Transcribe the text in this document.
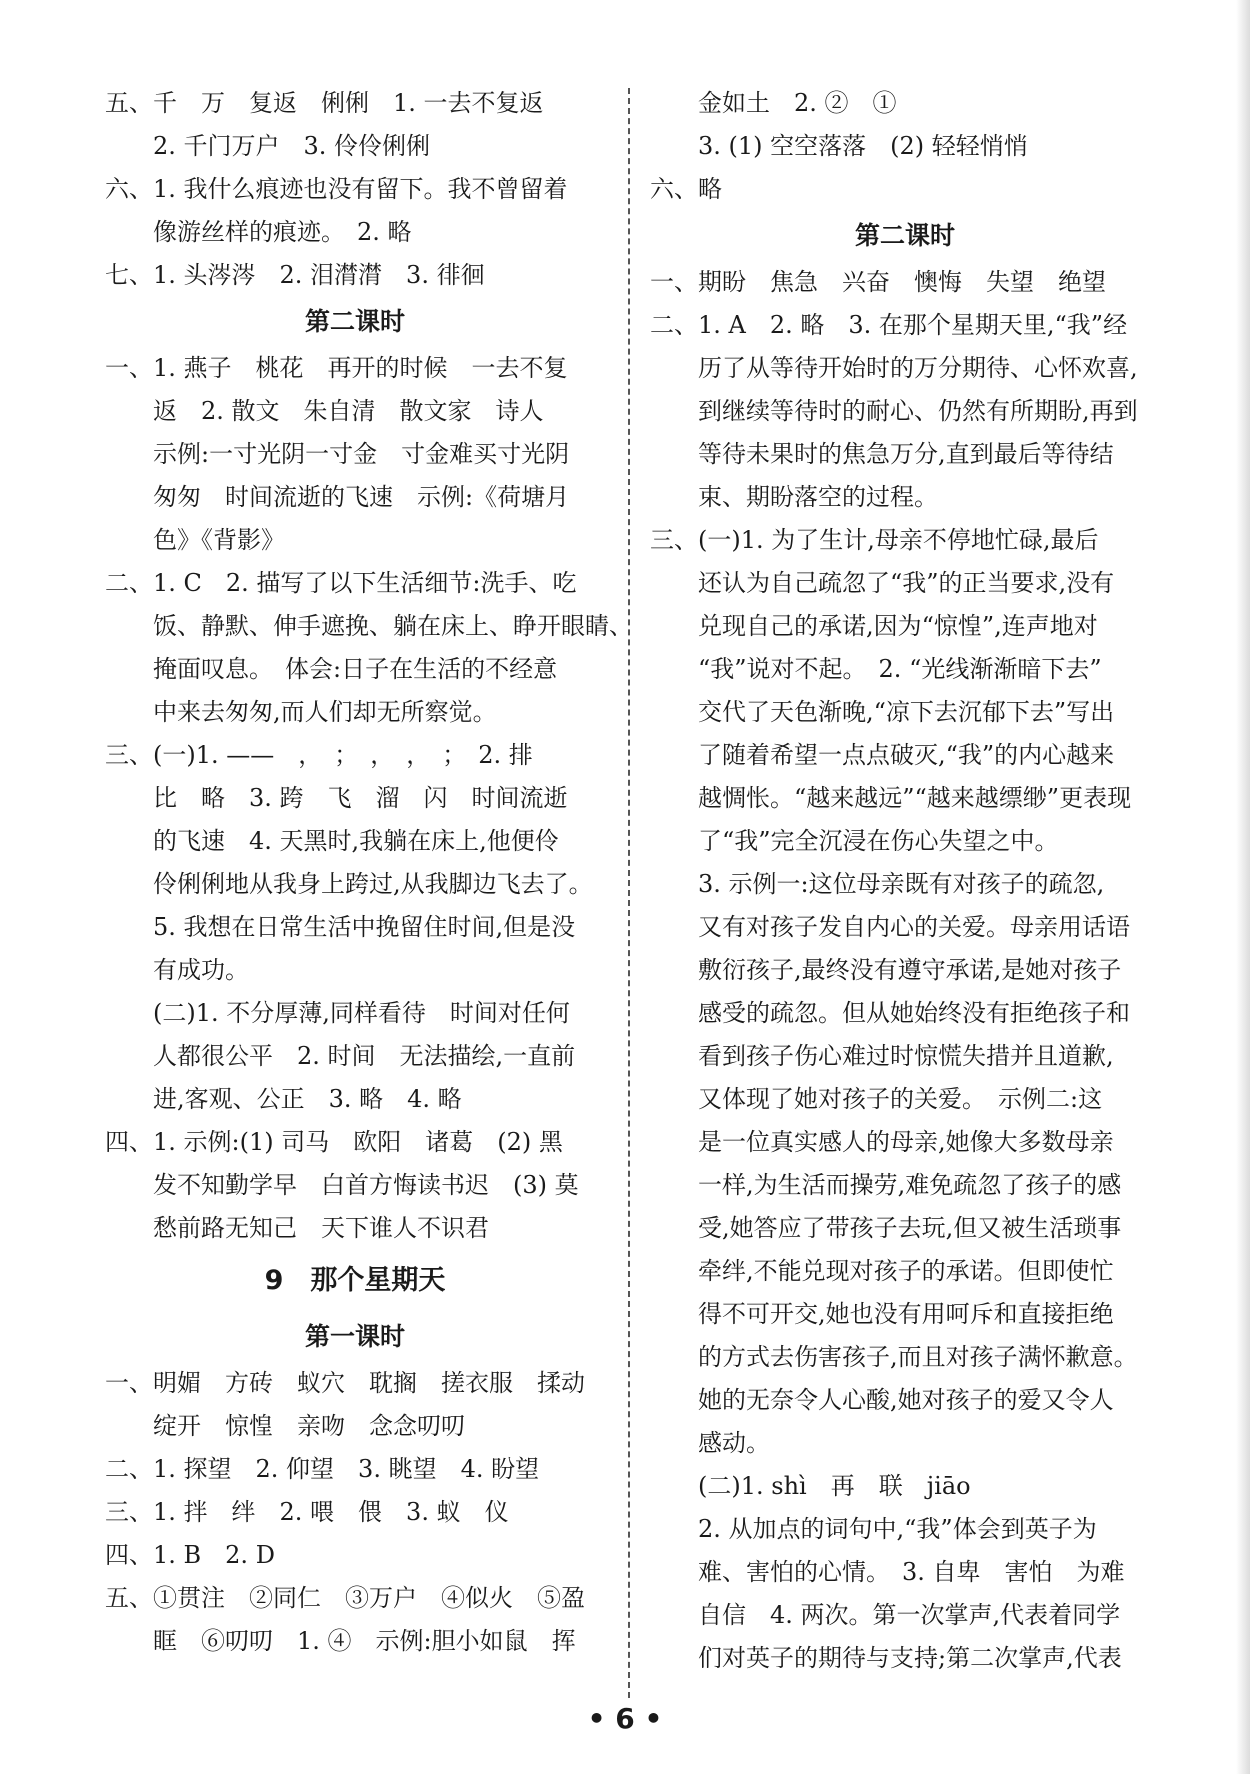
五、千　万　复返　俐俐　1. 一去不复返
2. 千门万户　3. 伶伶俐俐
六、1. 我什么痕迹也没有留下。我不曾留着
像游丝样的痕迹。　2. 略
七、1. 头涔涔　2. 泪潸潸　3. 徘徊
第二课时
一、1. 燕子　桃花　再开的时候　一去不复
返　2. 散文　朱自清　散文家　诗人
示例:一寸光阴一寸金　寸金难买寸光阴
匆匆　时间流逝的飞速　示例:《荷塘月
色》《背影》
二、1. C　2. 描写了以下生活细节:洗手、吃
饭、静默、伸手遮挽、躺在床上、睁开眼睛、
掩面叹息。　体会:日子在生活的不经意
中来去匆匆,而人们却无所察觉。
三、(一)1. ——　，　；　，　，　；　2. 排
比　略　3. 跨　飞　溜　闪　时间流逝
的飞速　4. 天黑时,我躺在床上,他便伶
伶俐俐地从我身上跨过,从我脚边飞去了。
5. 我想在日常生活中挽留住时间,但是没
有成功。
(二)1. 不分厚薄,同样看待　时间对任何
人都很公平　2. 时间　无法描绘,一直前
进,客观、公正　3. 略　4. 略
四、1. 示例:(1) 司马　欧阳　诸葛　(2) 黑
发不知勤学早　白首方悔读书迟　(3) 莫
愁前路无知己　天下谁人不识君
9　那个星期天
第一课时
一、明媚　方砖　蚁穴　耽搁　搓衣服　揉动
绽开　惊惶　亲吻　念念叨叨
二、1. 探望　2. 仰望　3. 眺望　4. 盼望
三、1. 拌　绊　2. 喂　偎　3. 蚁　仪
四、1. B　2. D
五、①贯注　②同仁　③万户　④似火　⑤盈
眶　⑥叨叨　1. ④　示例:胆小如鼠　挥
金如土　2. ②　①
3. (1) 空空落落　(2) 轻轻悄悄
六、略
第二课时
一、期盼　焦急　兴奋　懊悔　失望　绝望
二、1. A　2. 略　3. 在那个星期天里,“我”经
历了从等待开始时的万分期待、心怀欢喜,
到继续等待时的耐心、仍然有所期盼,再到
等待未果时的焦急万分,直到最后等待结
束、期盼落空的过程。
三、(一)1. 为了生计,母亲不停地忙碌,最后
还认为自己疏忽了“我”的正当要求,没有
兑现自己的承诺,因为“惊惶”,连声地对
“我”说对不起。　2. “光线渐渐暗下去”
交代了天色渐晚,“凉下去沉郁下去”写出
了随着希望一点点破灭,“我”的内心越来
越惆怅。“越来越远”“越来越缥缈”更表现
了“我”完全沉浸在伤心失望之中。
3. 示例一:这位母亲既有对孩子的疏忽,
又有对孩子发自内心的关爱。母亲用话语
敷衍孩子,最终没有遵守承诺,是她对孩子
感受的疏忽。但从她始终没有拒绝孩子和
看到孩子伤心难过时惊慌失措并且道歉,
又体现了她对孩子的关爱。　示例二:这
是一位真实感人的母亲,她像大多数母亲
一样,为生活而操劳,难免疏忽了孩子的感
受,她答应了带孩子去玩,但又被生活琐事
牵绊,不能兑现对孩子的承诺。但即使忙
得不可开交,她也没有用呵斥和直接拒绝
的方式去伤害孩子,而且对孩子满怀歉意。
她的无奈令人心酸,她对孩子的爱又令人
感动。
(二)1. shì　再　联　jiāo
2. 从加点的词句中,“我”体会到英子为
难、害怕的心情。　3. 自卑　害怕　为难
自信　4. 两次。第一次掌声,代表着同学
们对英子的期待与支持;第二次掌声,代表
• 6 •
